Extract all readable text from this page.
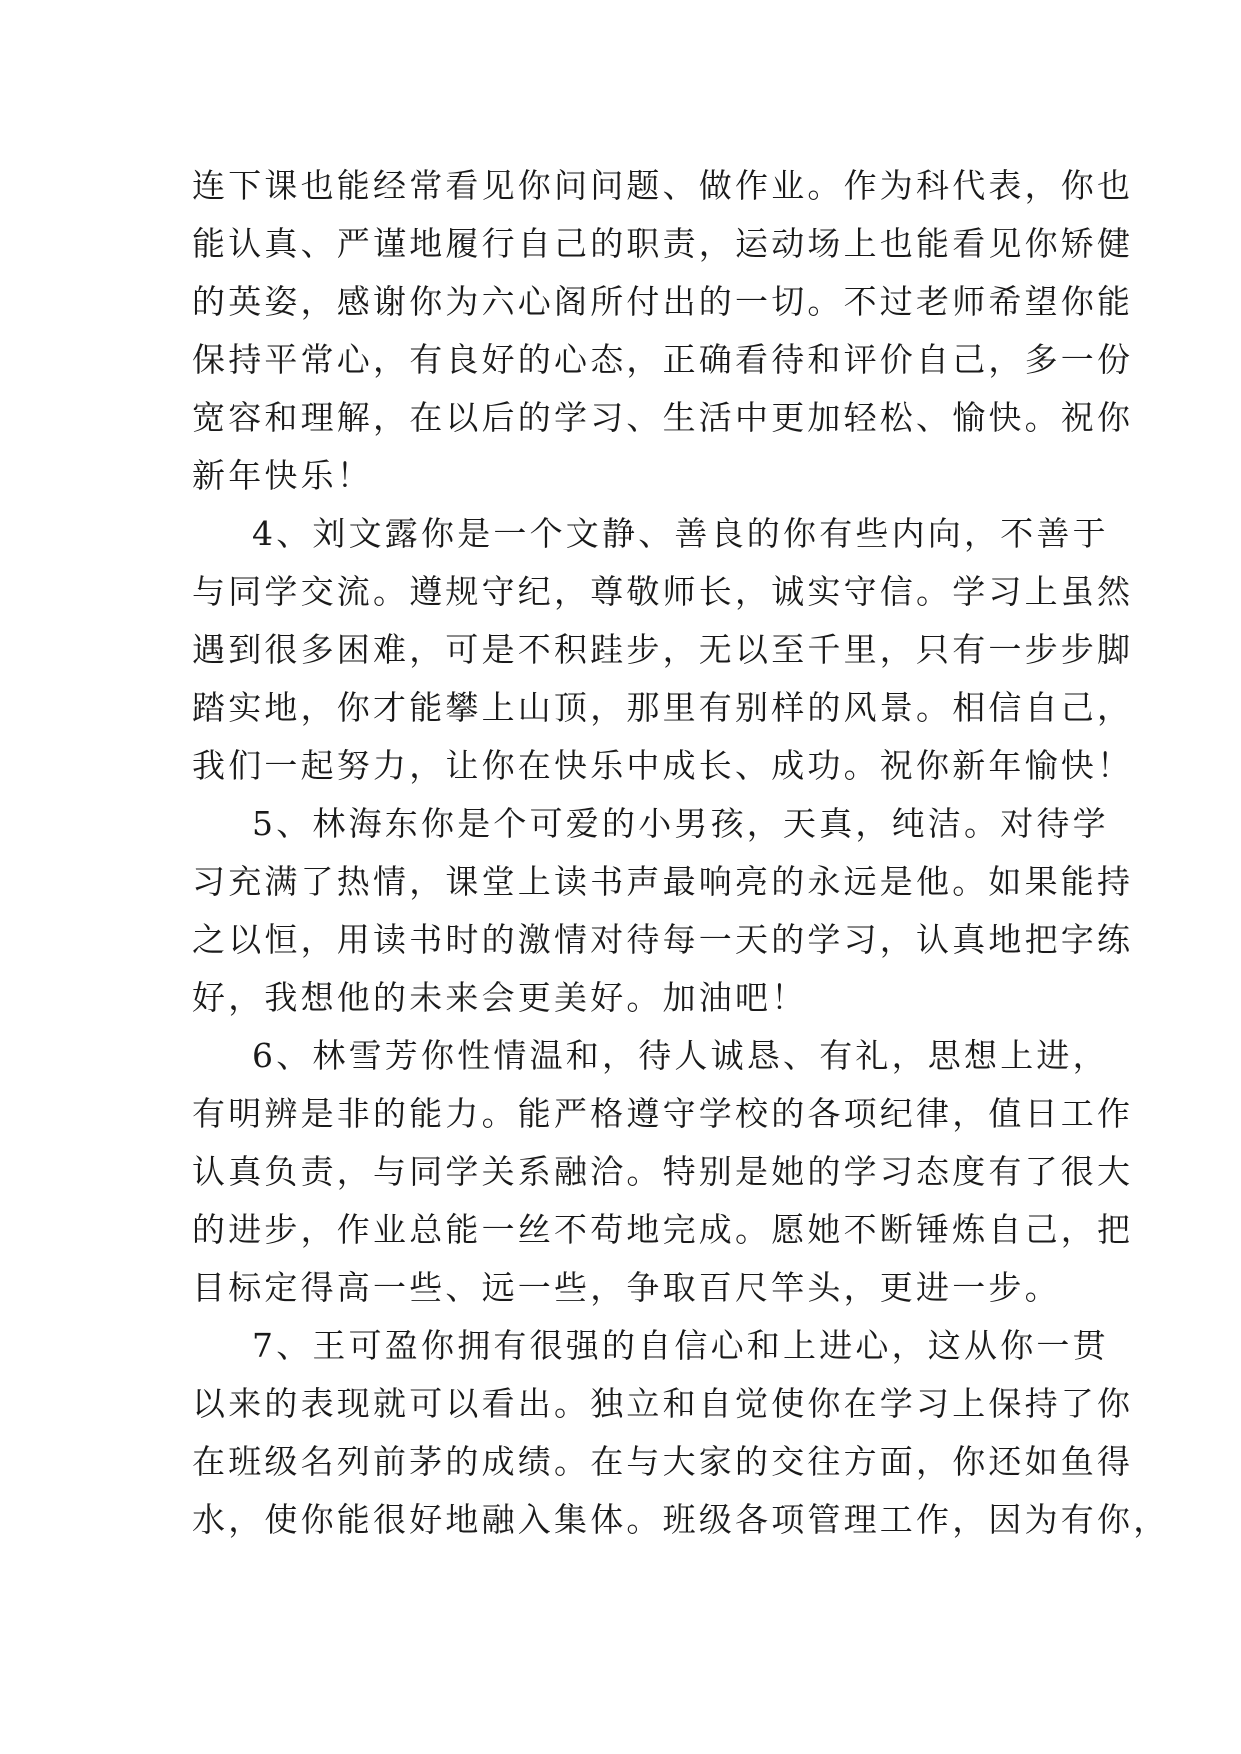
连下课也能经常看见你问问题、做作业。作为科代表，你也
能认真、严谨地履行自己的职责，运动场上也能看见你矫健
的英姿，感谢你为六心阁所付出的一切。不过老师希望你能
保持平常心，有良好的心态，正确看待和评价自己，多一份
宽容和理解，在以后的学习、生活中更加轻松、愉快。祝你
新年快乐！
4、刘文露你是一个文静、善良的你有些内向，不善于
与同学交流。遵规守纪，尊敬师长，诚实守信。学习上虽然
遇到很多困难，可是不积跬步，无以至千里，只有一步步脚
踏实地，你才能攀上山顶，那里有别样的风景。相信自己，
我们一起努力，让你在快乐中成长、成功。祝你新年愉快！
5、林海东你是个可爱的小男孩，天真，纯洁。对待学
习充满了热情，课堂上读书声最响亮的永远是他。如果能持
之以恒，用读书时的激情对待每一天的学习，认真地把字练
好，我想他的未来会更美好。加油吧！
6、林雪芳你性情温和，待人诚恳、有礼，思想上进，
有明辨是非的能力。能严格遵守学校的各项纪律，值日工作
认真负责，与同学关系融洽。特别是她的学习态度有了很大
的进步，作业总能一丝不苟地完成。愿她不断锤炼自己，把
目标定得高一些、远一些，争取百尺竿头，更进一步。
7、王可盈你拥有很强的自信心和上进心，这从你一贯
以来的表现就可以看出。独立和自觉使你在学习上保持了你
在班级名列前茅的成绩。在与大家的交往方面，你还如鱼得
水，使你能很好地融入集体。班级各项管理工作，因为有你，
